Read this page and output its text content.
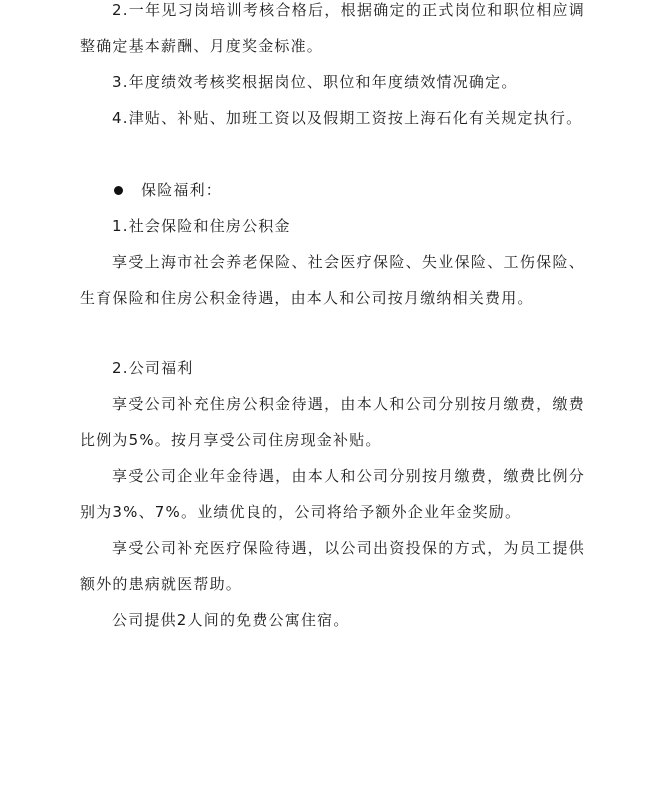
2.一年见习岗培训考核合格后，根据确定的正式岗位和职位相应调整确定基本薪酬、月度奖金标准。

3.年度绩效考核奖根据岗位、职位和年度绩效情况确定。

4.津贴、补贴、加班工资以及假期工资按上海石化有关规定执行。

保险福利：

1.社会保险和住房公积金

享受上海市社会养老保险、社会医疗保险、失业保险、工伤保险、生育保险和住房公积金待遇，由本人和公司按月缴纳相关费用。

2.公司福利

享受公司补充住房公积金待遇，由本人和公司分别按月缴费，缴费比例为5%。按月享受公司住房现金补贴。

享受公司企业年金待遇，由本人和公司分别按月缴费，缴费比例分别为3%、7%。业绩优良的，公司将给予额外企业年金奖励。

享受公司补充医疗保险待遇，以公司出资投保的方式，为员工提供额外的患病就医帮助。

公司提供2人间的免费公寓住宿。
